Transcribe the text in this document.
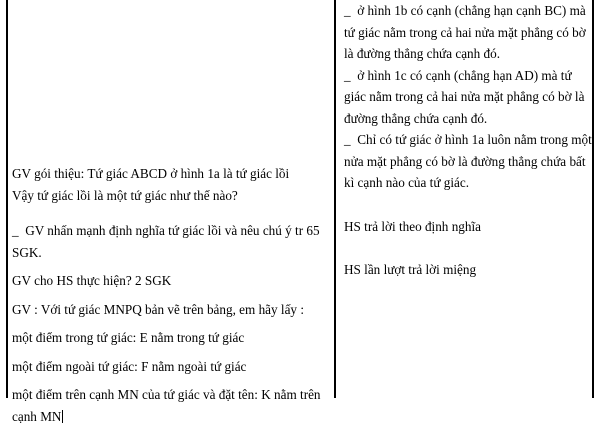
GV gói thiệu: Tứ giác ABCD ở hình 1a là tứ giác lồi

Vậy tứ giác lồi là một tứ giác như thế nào?

_  GV nhấn mạnh định nghĩa tứ giác lồi và nêu chú ý tr 65 SGK.

GV cho HS thực hiện? 2 SGK

GV : Với tứ giác MNPQ bản vẽ trên bảng, em hãy lấy :

một điểm trong tứ giác: E nằm trong tứ giác

một điểm ngoài tứ giác: F nằm ngoài tứ giác

một điểm trên cạnh MN của tứ giác và đặt tên: K nằm trên cạnh MN

_  ở hình 1b có cạnh (chẳng hạn cạnh BC) mà tứ giác nằm trong cả hai nửa mặt phẳng có bờ là đường thẳng chứa cạnh đó.

_  ở hình 1c có cạnh (chẳng hạn AD) mà tứ giác nằm trong cả hai nửa mặt phẳng có bờ là đường thẳng chứa cạnh đó.

_  Chỉ có tứ giác ở hình 1a luôn nằm trong một nửa mặt phẳng có bờ là đường thẳng chứa bất kì cạnh nào của tứ giác.

HS trả lời theo định nghĩa

HS lần lượt trả lời miệng
